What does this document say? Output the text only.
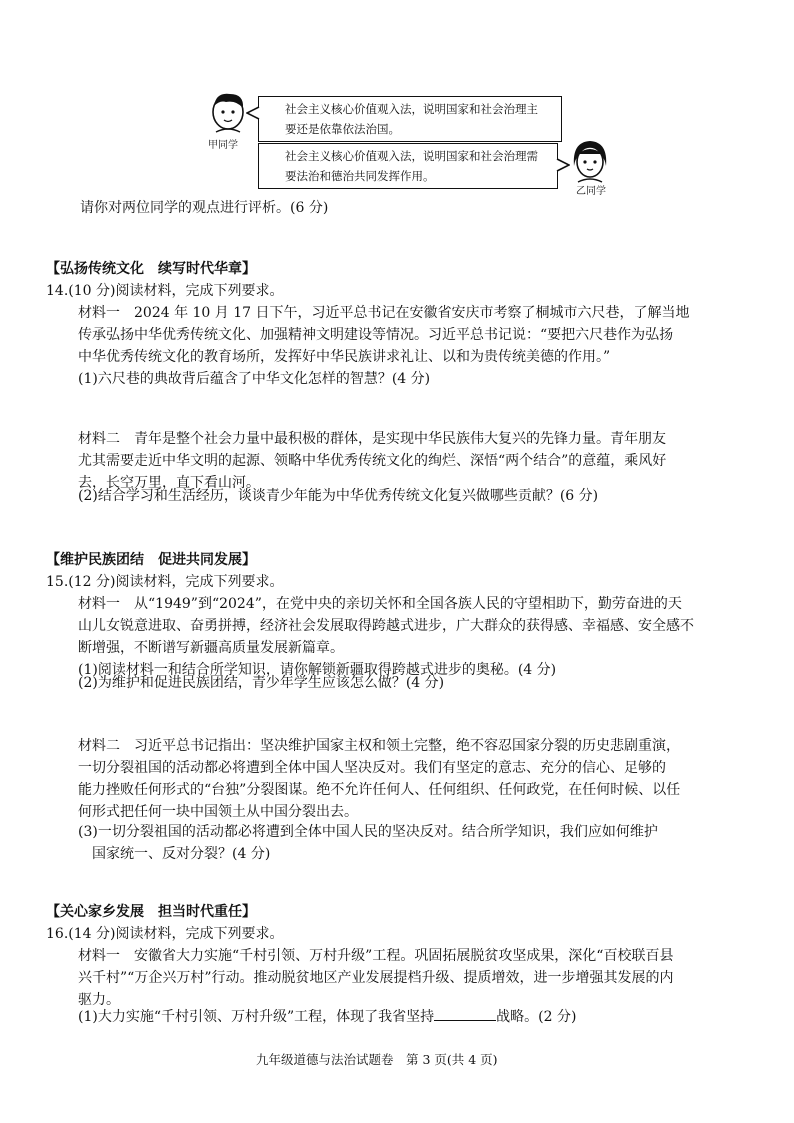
甲同学
社会主义核心价值观入法，说明国家和社会治理主
要还是依靠依法治国。
社会主义核心价值观入法，说明国家和社会治理需
要法治和德治共同发挥作用。
乙同学
请你对两位同学的观点进行评析。(6 分)
【弘扬传统文化　续写时代华章】
14.(10 分)阅读材料，完成下列要求。
材料一　2024 年 10 月 17 日下午，习近平总书记在安徽省安庆市考察了桐城市六尺巷，了解当地
传承弘扬中华优秀传统文化、加强精神文明建设等情况。习近平总书记说：“要把六尺巷作为弘扬
中华优秀传统文化的教育场所，发挥好中华民族讲求礼让、以和为贵传统美德的作用。”
(1)六尺巷的典故背后蕴含了中华文化怎样的智慧？(4 分)
材料二　青年是整个社会力量中最积极的群体，是实现中华民族伟大复兴的先锋力量。青年朋友
尤其需要走近中华文明的起源、领略中华优秀传统文化的绚烂、深悟“两个结合”的意蕴，乘风好
去，长空万里，直下看山河。
(2)结合学习和生活经历，谈谈青少年能为中华优秀传统文化复兴做哪些贡献？(6 分)
【维护民族团结　促进共同发展】
15.(12 分)阅读材料，完成下列要求。
材料一　从“1949”到“2024”，在党中央的亲切关怀和全国各族人民的守望相助下，勤劳奋进的天
山儿女锐意进取、奋勇拼搏，经济社会发展取得跨越式进步，广大群众的获得感、幸福感、安全感不
断增强，不断谱写新疆高质量发展新篇章。
(1)阅读材料一和结合所学知识，请你解锁新疆取得跨越式进步的奥秘。(4 分)
(2)为维护和促进民族团结，青少年学生应该怎么做？(4 分)
材料二　习近平总书记指出：坚决维护国家主权和领土完整，绝不容忍国家分裂的历史悲剧重演，
一切分裂祖国的活动都必将遭到全体中国人坚决反对。我们有坚定的意志、充分的信心、足够的
能力挫败任何形式的“台独”分裂图谋。绝不允许任何人、任何组织、任何政党，在任何时候、以任
何形式把任何一块中国领土从中国分裂出去。
(3)一切分裂祖国的活动都必将遭到全体中国人民的坚决反对。结合所学知识，我们应如何维护
国家统一、反对分裂？(4 分)
【关心家乡发展　担当时代重任】
16.(14 分)阅读材料，完成下列要求。
材料一　安徽省大力实施“千村引领、万村升级”工程。巩固拓展脱贫攻坚成果，深化“百校联百县
兴千村”“万企兴万村”行动。推动脱贫地区产业发展提档升级、提质增效，进一步增强其发展的内
驱力。
(1)大力实施“千村引领、万村升级”工程，体现了我省坚持	战略。(2 分)
九年级道德与法治试题卷　第 3 页(共 4 页)
